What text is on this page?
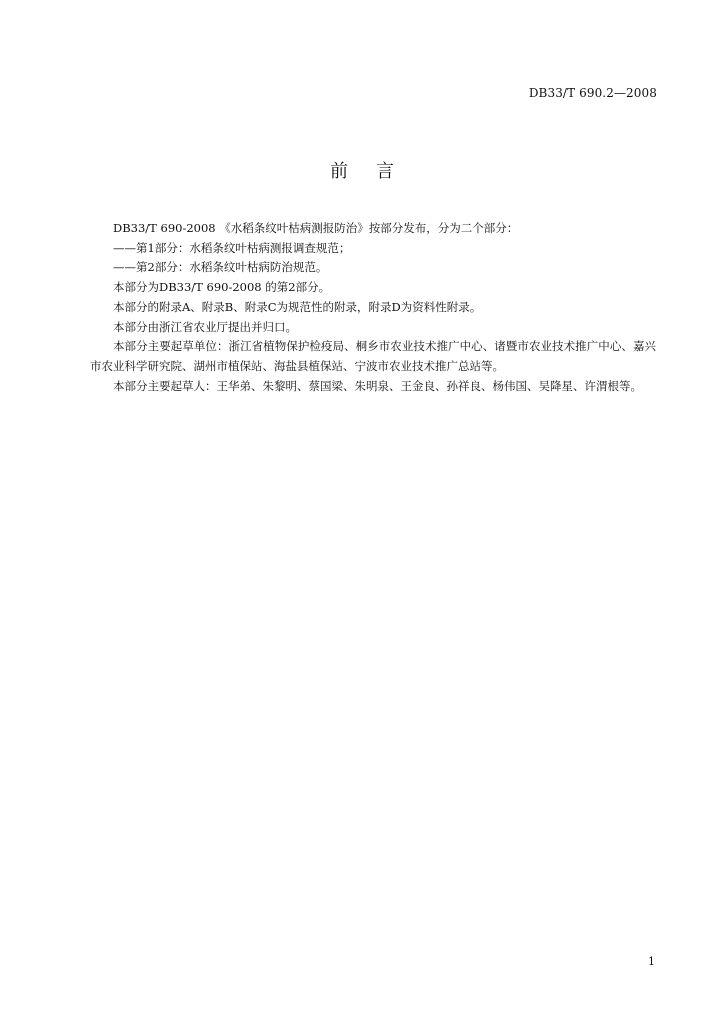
DB33/T 690.2—2008
前言

DB33/T 690-2008 《水稻条纹叶枯病测报防治》按部分发布，分为二个部分：

——第1部分：水稻条纹叶枯病测报调查规范；

——第2部分：水稻条纹叶枯病防治规范。

本部分为DB33/T 690-2008 的第2部分。

本部分的附录A、附录B、附录C为规范性的附录，附录D为资料性附录。

本部分由浙江省农业厅提出并归口。

本部分主要起草单位：浙江省植物保护检疫局、桐乡市农业技术推广中心、诸暨市农业技术推广中心、嘉兴市农业科学研究院、湖州市植保站、海盐县植保站、宁波市农业技术推广总站等。

本部分主要起草人：王华弟、朱黎明、蔡国梁、朱明泉、王金良、孙祥良、杨伟国、吴降星、许渭根等。

1
